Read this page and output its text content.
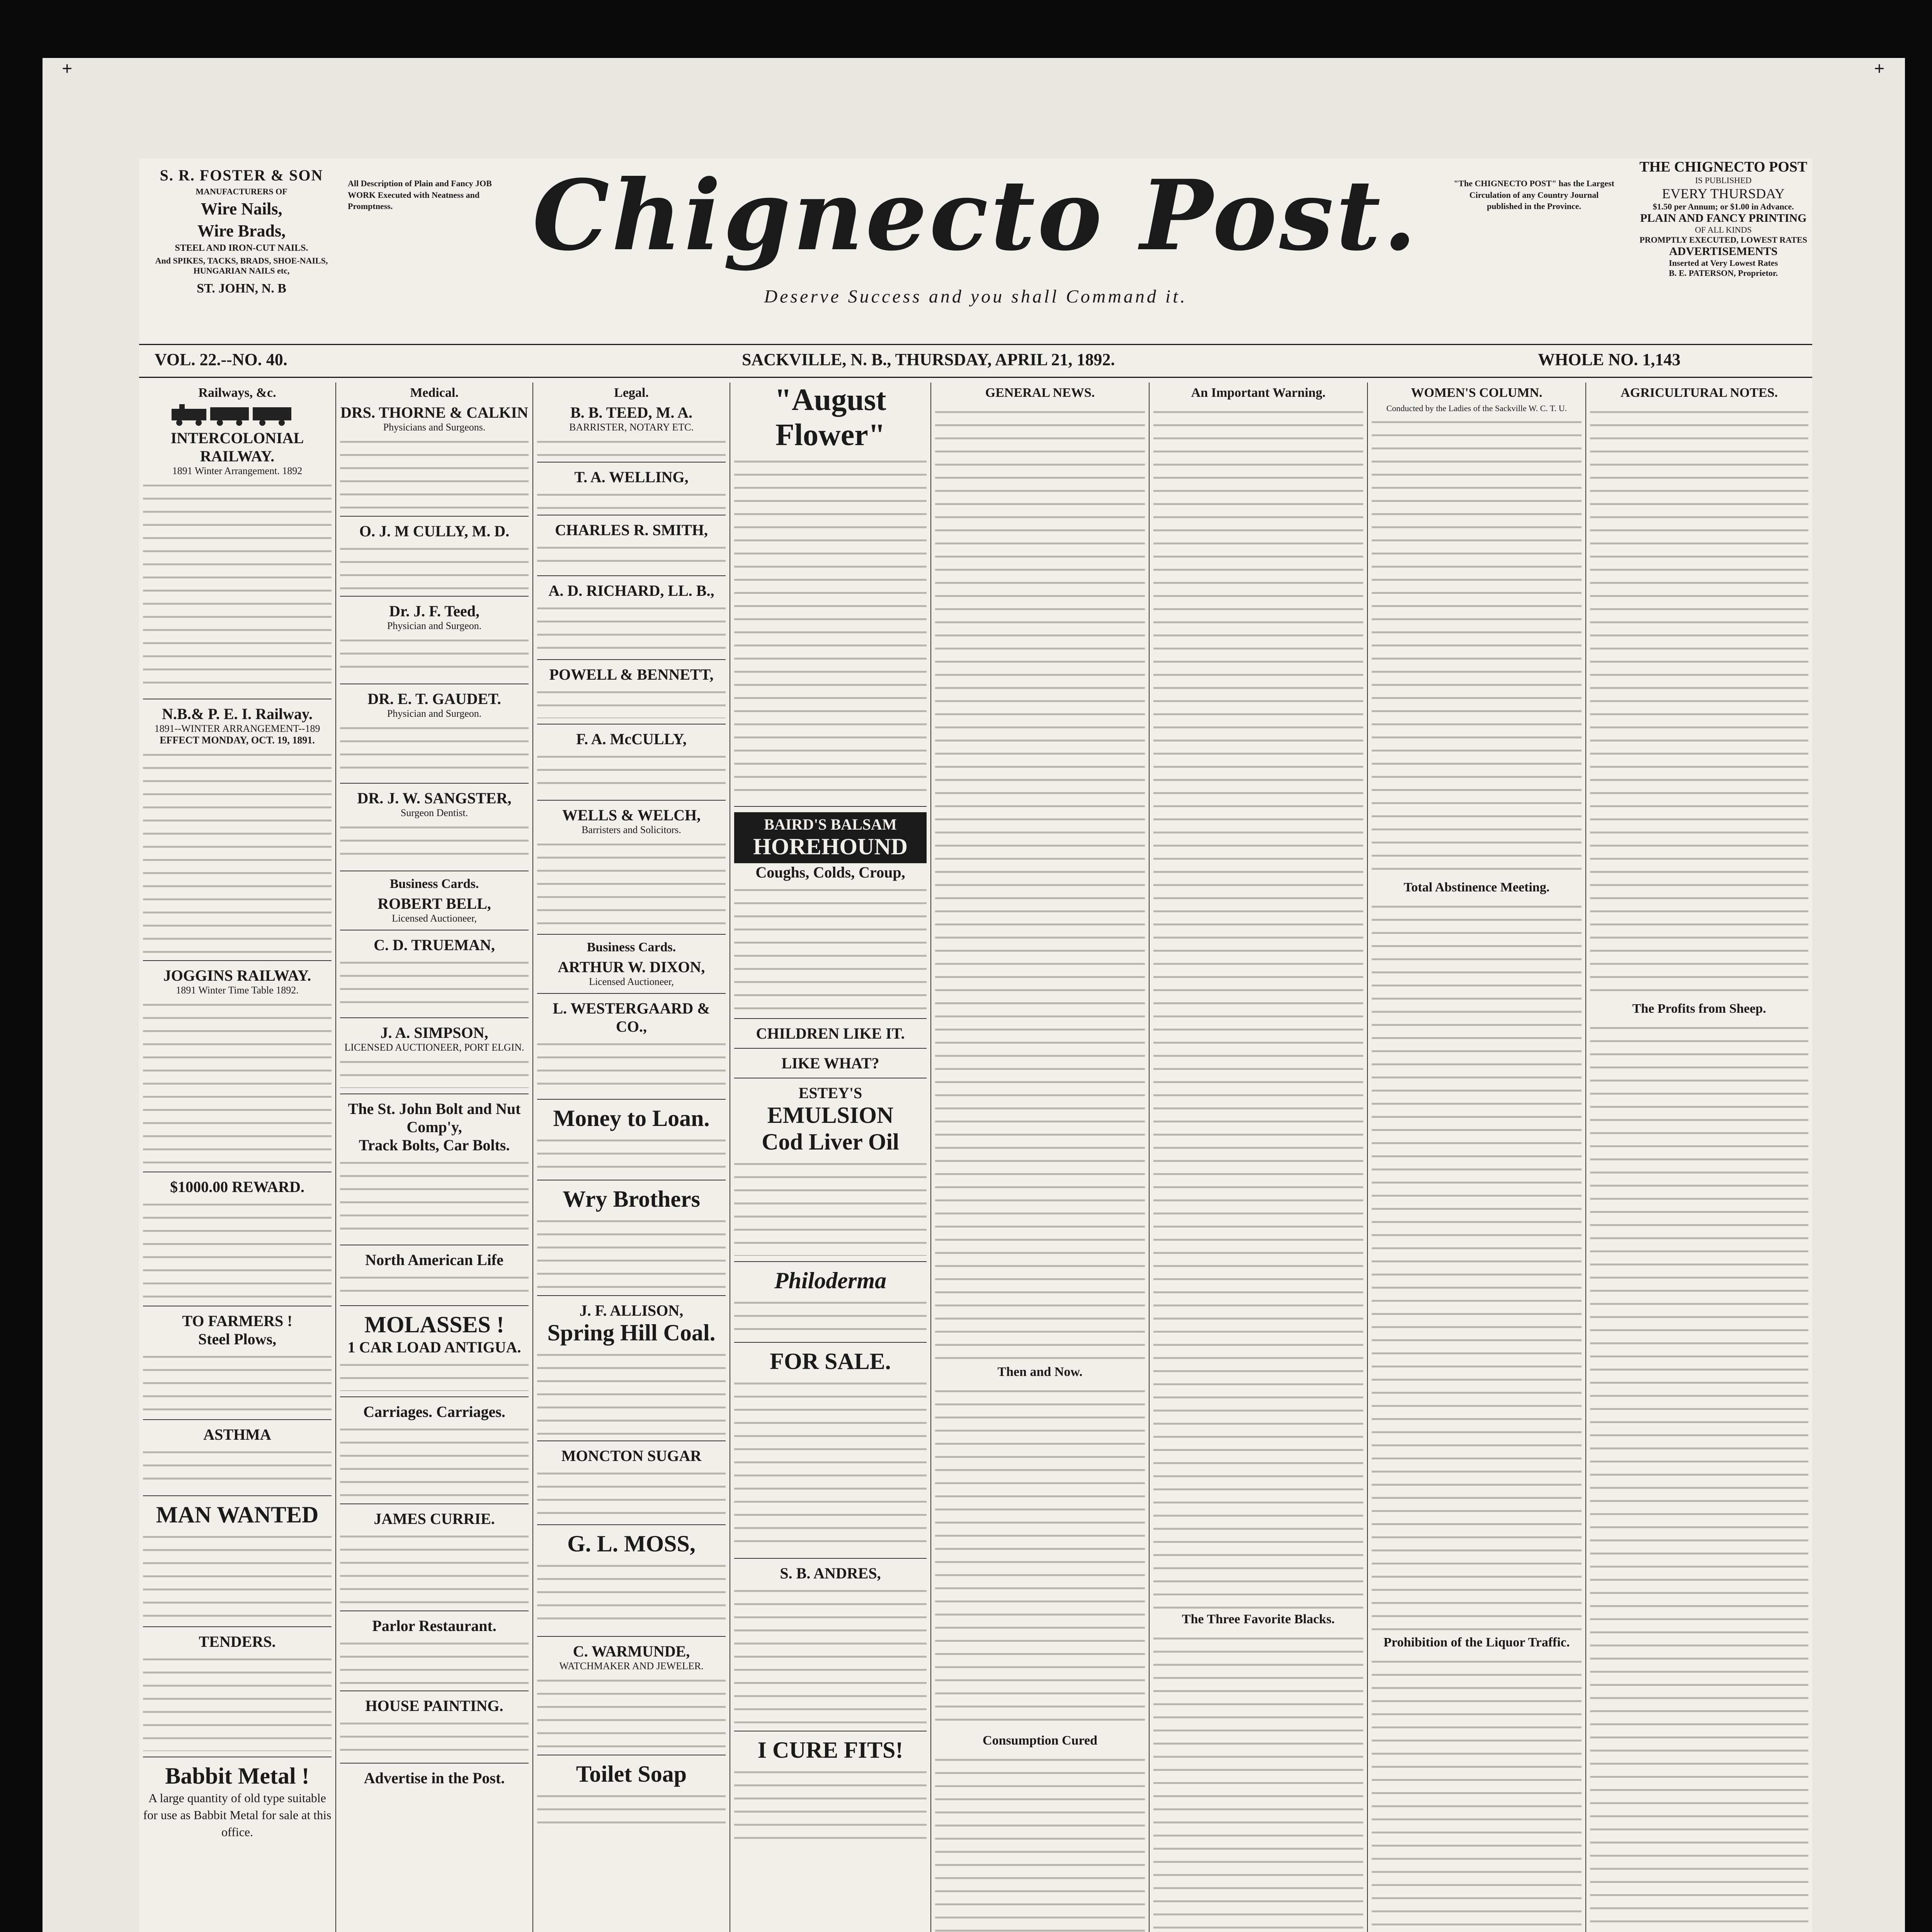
S. R. FOSTER & SON
MANUFACTURERS OF
Wire Nails,
Wire Brads,
STEEL AND IRON-CUT NAILS.
And SPIKES, TACKS, BRADS, SHOE-NAILS, HUNGARIAN NAILS etc,
ST. JOHN, N. B
All Description of Plain and Fancy JOB WORK Executed with Neatness and Promptness.	Chignecto Post.
Deserve Success and you shall Command it.
"The CHIGNECTO POST" has the Largest Circulation of any Country Journal published in the Province.
THE CHIGNECTO POST
IS PUBLISHED
EVERY THURSDAY
$1.50 per Annum; or $1.00 in Advance.
PLAIN AND FANCY PRINTING
OF ALL KINDS
PROMPTLY EXECUTED, LOWEST RATES
ADVERTISEMENTS
Inserted at Very Lowest Rates
B. E. PATERSON, Proprietor.
VOL. 22.--NO. 40.	SACKVILLE, N. B., THURSDAY, APRIL 21, 1892.	WHOLE NO. 1,143
Railways, &c.
INTERCOLONIAL RAILWAY.
1891 Winter Arrangement. 1892
N.B.& P. E. I. Railway.
1891--WINTER ARRANGEMENT--189
EFFECT MONDAY, OCT. 19, 1891.
JOGGINS RAILWAY.
1891 Winter Time Table 1892.
$1000.00 REWARD.
TO FARMERS !
Steel Plows,
ASTHMA
MAN WANTED
TENDERS.
Babbit Metal !
A large quantity of old type suitable for use as Babbit Metal for sale at this office.
Medical.
DRS. THORNE & CALKIN
Physicians and Surgeons.
O. J. M CULLY, M. D.
Dr. J. F. Teed,
Physician and Surgeon.
DR. E. T. GAUDET.
Physician and Surgeon.
DR. J. W. SANGSTER,
Surgeon Dentist.
Business Cards.
ROBERT BELL,
Licensed Auctioneer,
C. D. TRUEMAN,
J. A. SIMPSON,
LICENSED AUCTIONEER, PORT ELGIN.
The St. John Bolt and Nut Comp'y,
Track Bolts, Car Bolts.
North American Life
MOLASSES !
1 CAR LOAD ANTIGUA.
Carriages. Carriages.
JAMES CURRIE.
Parlor Restaurant.
HOUSE PAINTING.
Advertise in the Post.
Legal.
B. B. TEED, M. A.
BARRISTER, NOTARY ETC.
T. A. WELLING,
CHARLES R. SMITH,
A. D. RICHARD, LL. B.,
POWELL & BENNETT,
F. A. McCULLY,
WELLS & WELCH,
Barristers and Solicitors.
Business Cards.
ARTHUR W. DIXON,
Licensed Auctioneer,
L. WESTERGAARD & CO.,
Money to Loan.
Wry Brothers
J. F. ALLISON,
Spring Hill Coal.
MONCTON SUGAR
G. L. MOSS,
C. WARMUNDE,
WATCHMAKER AND JEWELER.
Toilet Soap
"August Flower"
BAIRD'S BALSAM
HOREHOUND
Coughs, Colds, Croup,
CHILDREN LIKE IT.
LIKE WHAT?
ESTEY'S
EMULSION
Cod Liver Oil
Philoderma
FOR SALE.
S. B. ANDRES,
I CURE FITS!
GENERAL NEWS.
Then and Now.
Consumption Cured
An Important Warning.
The Three Favorite Blacks.
WOMEN'S COLUMN.
Conducted by the Ladies of the Sackville W. C. T. U.
Total Abstinence Meeting.
Prohibition of the Liquor Traffic.
AGRICULTURAL NOTES.
The Profits from Sheep.
+	+
